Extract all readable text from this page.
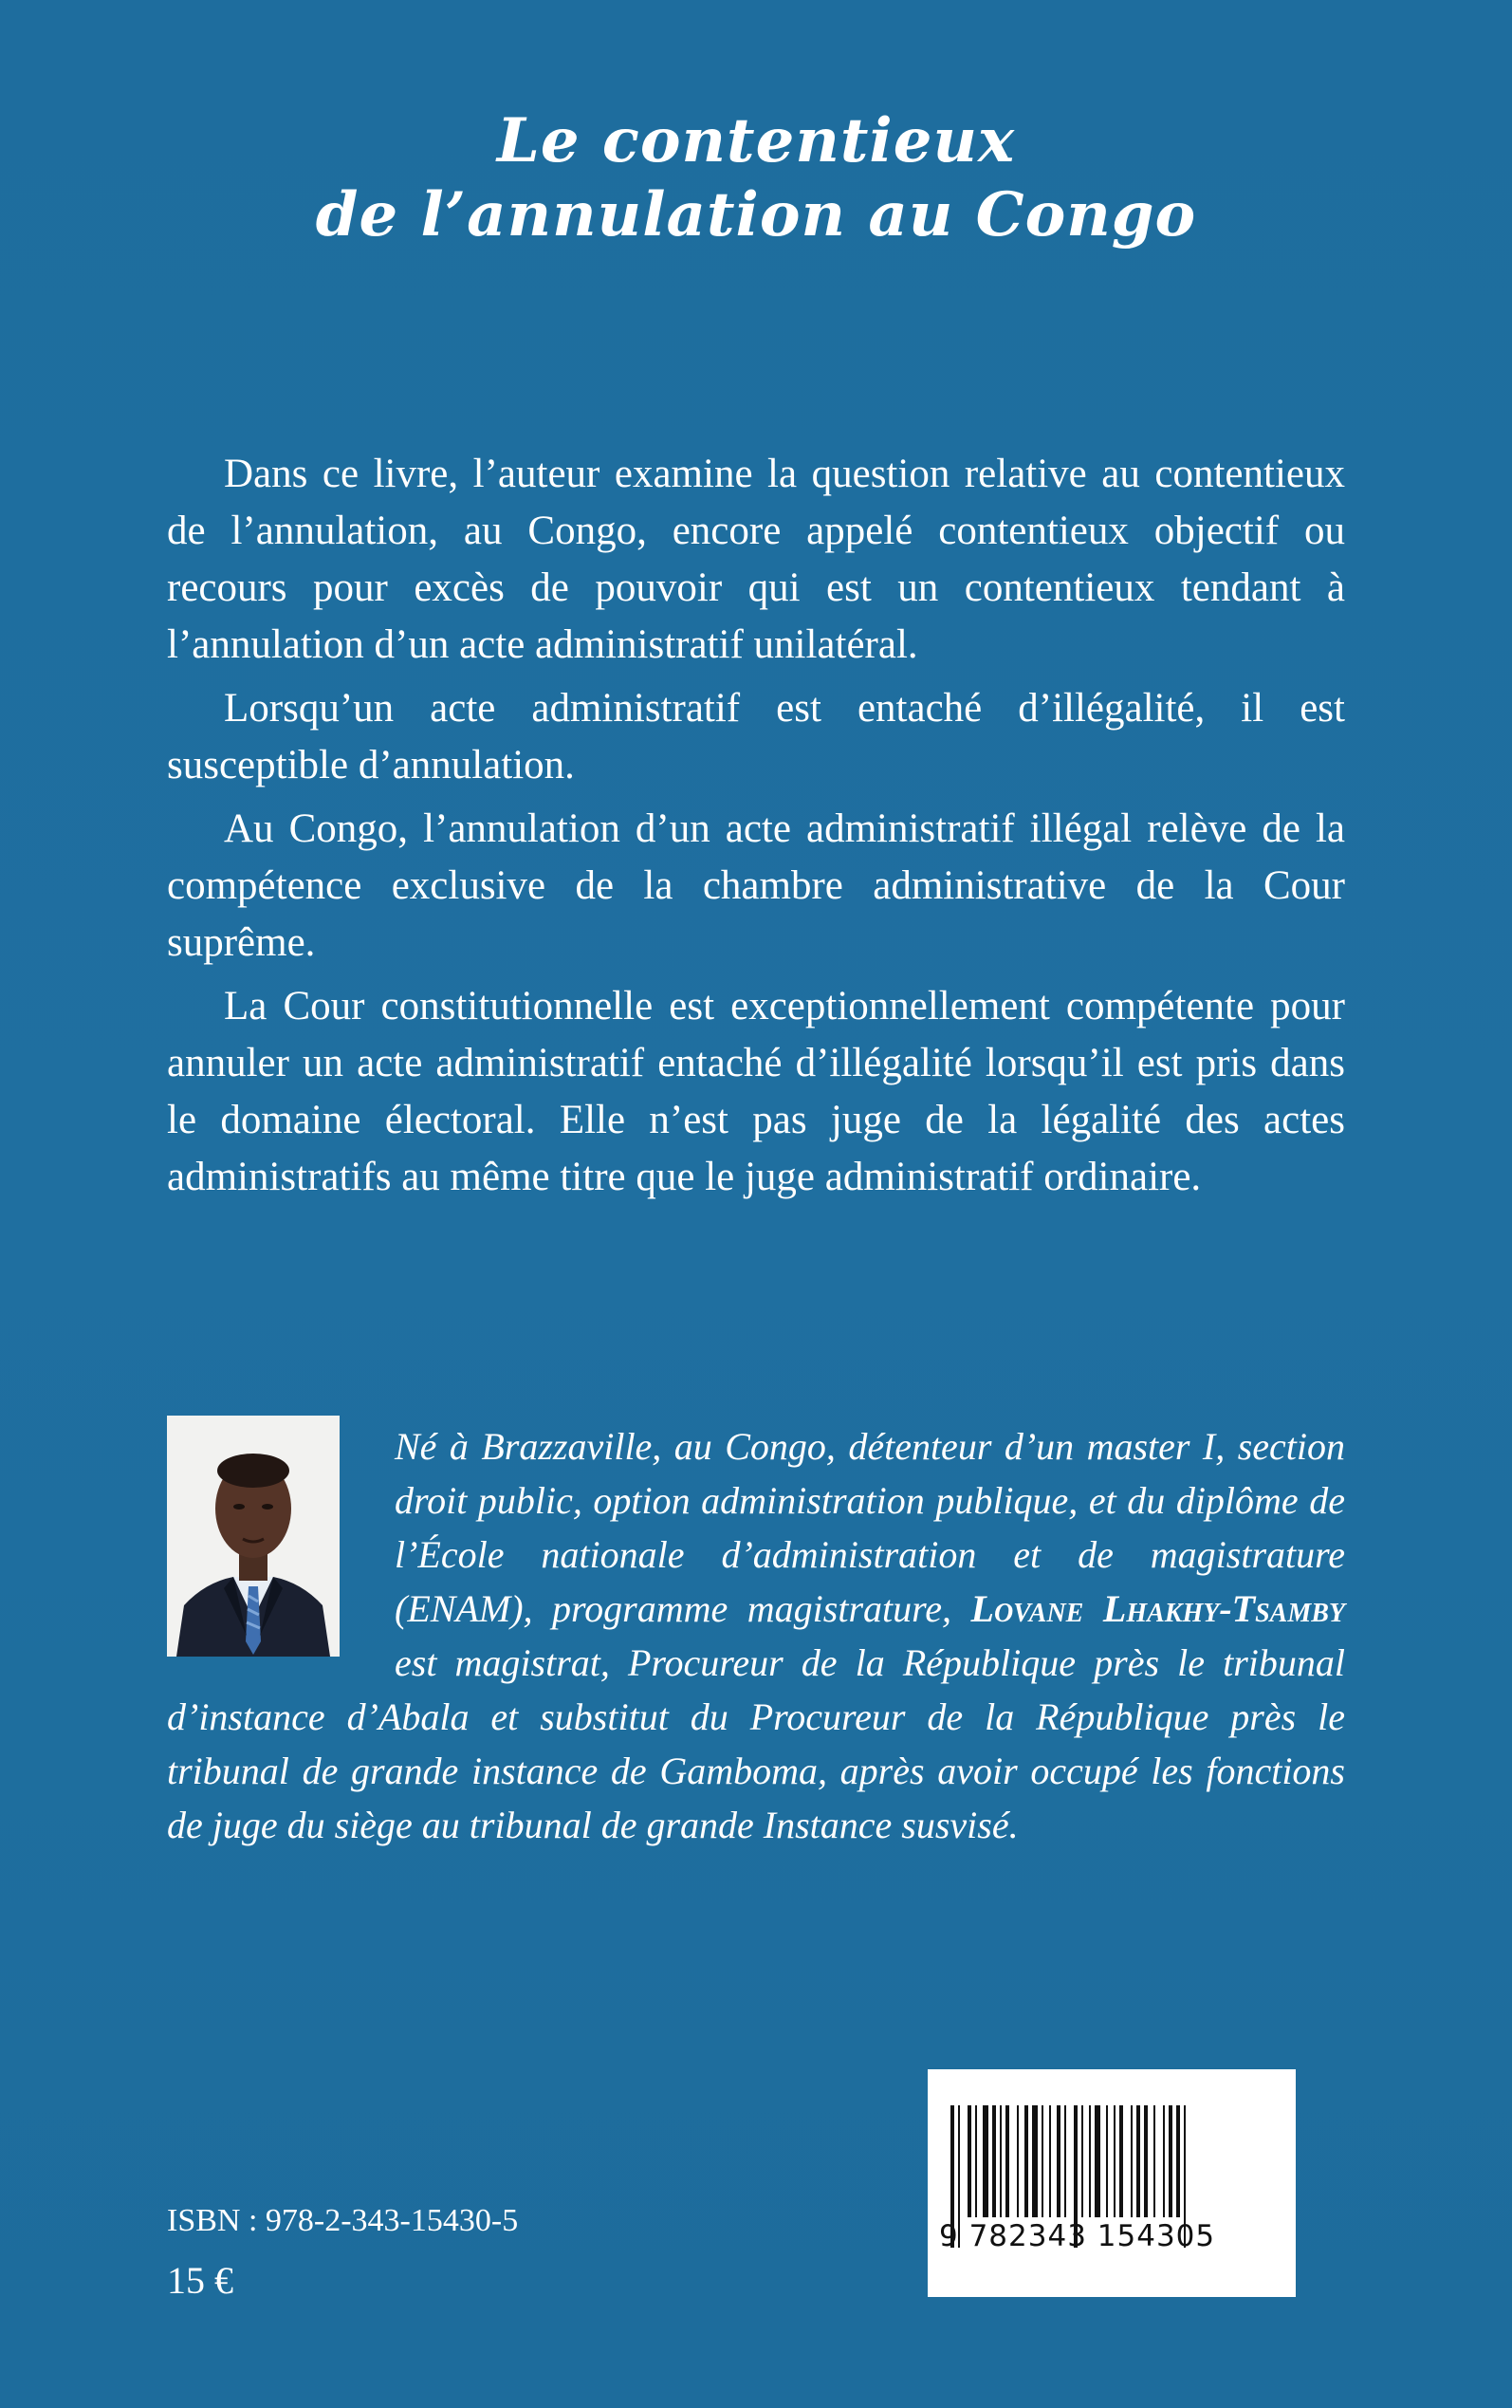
Le contentieux
de l’annulation au Congo

Dans ce livre, l’auteur examine la question relative au contentieux de l’annulation, au Congo, encore appelé contentieux objectif ou recours pour excès de pouvoir qui est un contentieux tendant à l’annulation d’un acte administratif unilatéral.

Lorsqu’un acte administratif est entaché d’illégalité, il est susceptible d’annulation.

Au Congo, l’annulation d’un acte administratif illégal relève de la compétence exclusive de la chambre administrative de la Cour suprême.

La Cour constitutionnelle est exceptionnellement compétente pour annuler un acte administratif entaché d’illégalité lorsqu’il est pris dans le domaine électoral. Elle n’est pas juge de la légalité des actes administratifs au même titre que le juge administratif ordinaire.

Né à Brazzaville, au Congo, détenteur d’un master I, section droit public, option administration publique, et du diplôme de l’École nationale d’administration et de magistrature (ENAM), programme magistrature, Lovane Lhakhy-Tsamby est magistrat, Procureur de la République près le tribunal d’instance d’Abala et substitut du Procureur de la République près le tribunal de grande instance de Gamboma, après avoir occupé les fonctions de juge du siège au tribunal de grande Instance susvisé.
9 782343 154305
ISBN : 978-2-343-15430-5
15 €
